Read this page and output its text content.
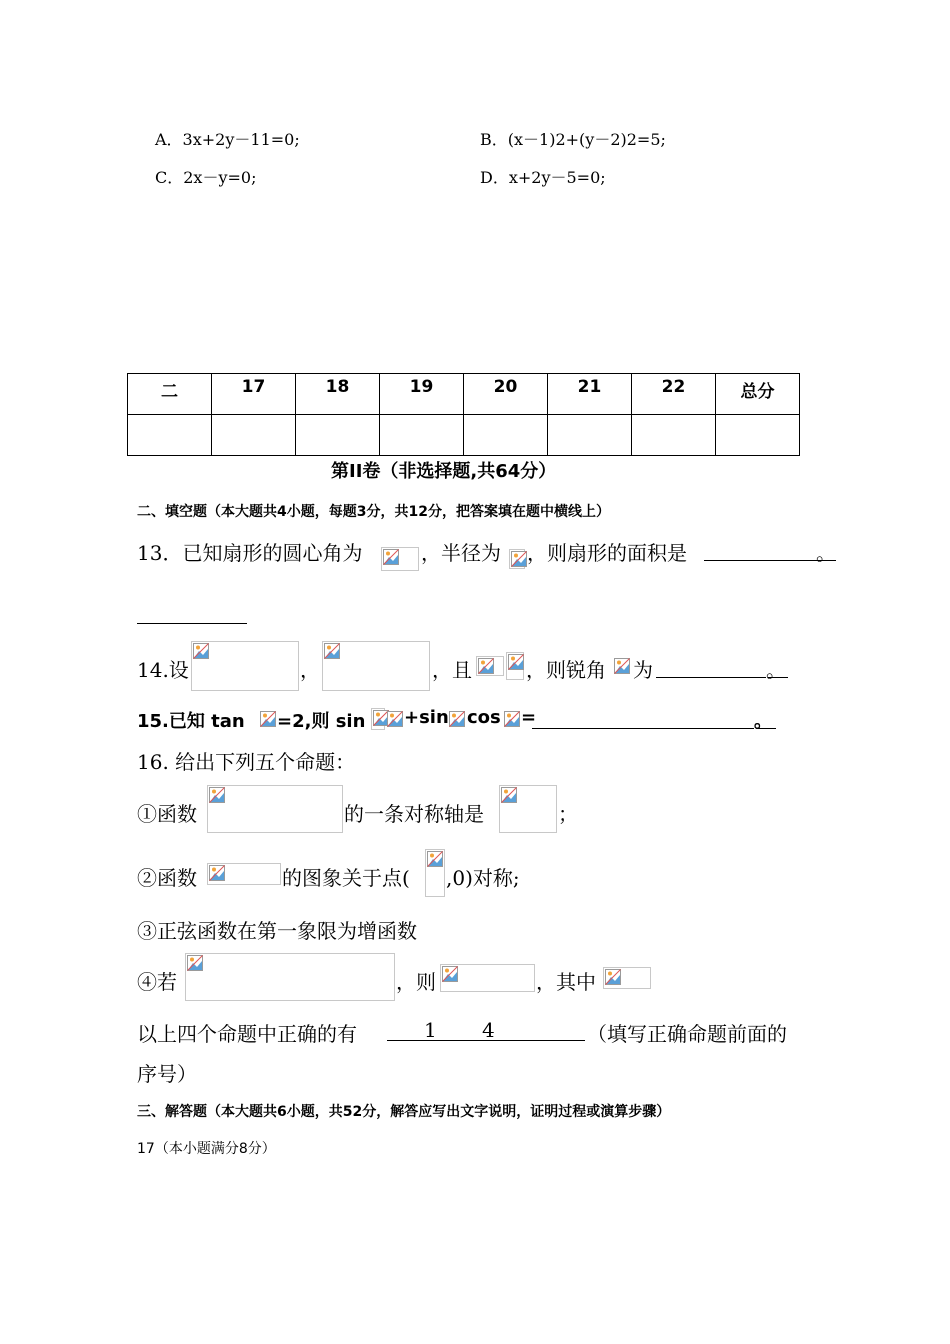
A．3x+2y－11=0;	B．(x－1)2+(y－2)2=5;
C．2x－y=0;	D．x+2y－5=0;
二	17	18	19	20	21	22	总分

第II卷（非选择题,共64分）
二、填空题（本大题共4小题，每题3分，共12分，把答案填在题中横线上）
13．已知扇形的圆心角为	，半径为 ，则扇形的面积是	。
14.设	，	，且	，则锐角 为	。
15.已知 tan =2,则 sin +sin cos =	。
16. 给出下列五个命题：
①函数	的一条对称轴是	；
②函数	的图象关于点( ,0)对称;
③正弦函数在第一象限为增函数
④若	，则	，其中
以上四个命题中正确的有	1 4	（填写正确命题前面的
序号）
三、解答题（本大题共6小题，共52分，解答应写出文字说明，证明过程或演算步骤）
17（本小题满分8分）
